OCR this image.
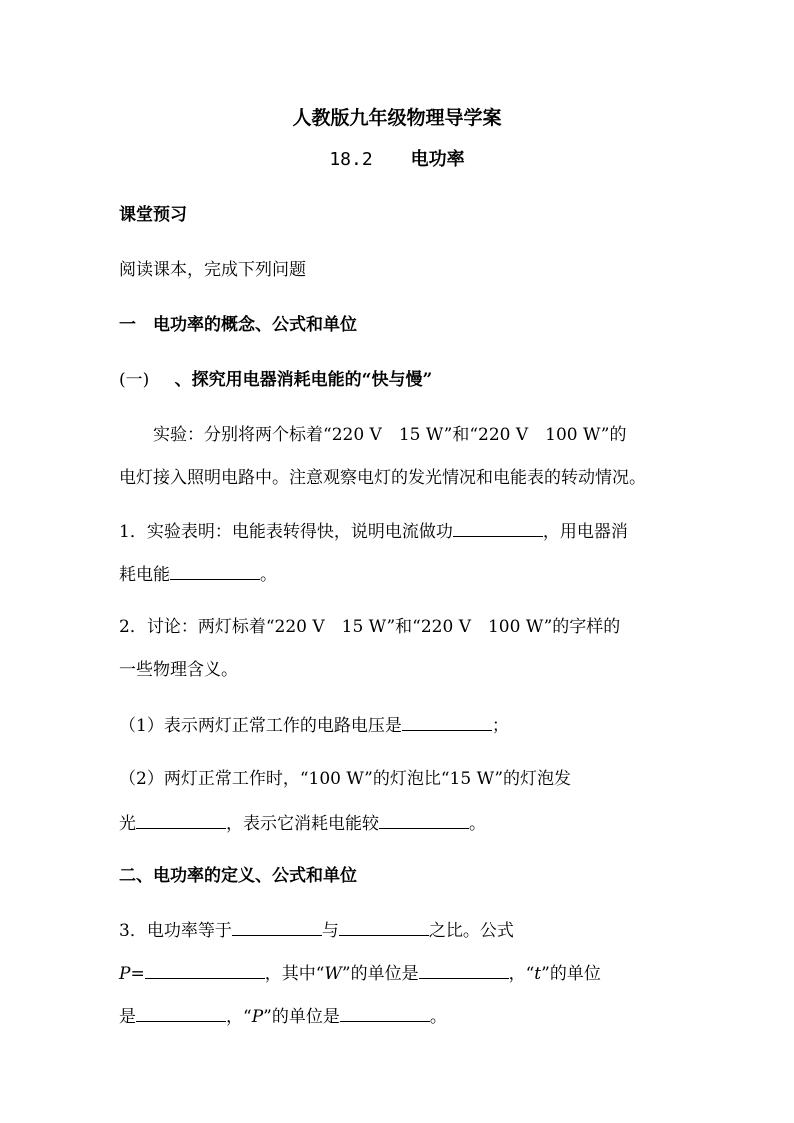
人教版九年级物理导学案
18.2 电功率
课堂预习
阅读课本，完成下列问题
一　电功率的概念、公式和单位
(一) 、探究用电器消耗电能的“快与慢”
实验：分别将两个标着“220 V　15 W”和“220 V　100 W”的
电灯接入照明电路中。注意观察电灯的发光情况和电能表的转动情况。
1．实验表明：电能表转得快，说明电流做功	，用电器消
耗电能	。
2．讨论：两灯标着“220 V　15 W”和“220 V　100 W”的字样的
一些物理含义。
（1）表示两灯正常工作的电路电压是	；
（2）两灯正常工作时，“100 W”的灯泡比“15 W”的灯泡发
光	，表示它消耗电能较	。
二、电功率的定义、公式和单位
3．电功率等于	与	之比。公式
P=	，其中“W”的单位是	，“t”的单位
是	，“P”的单位是	。
